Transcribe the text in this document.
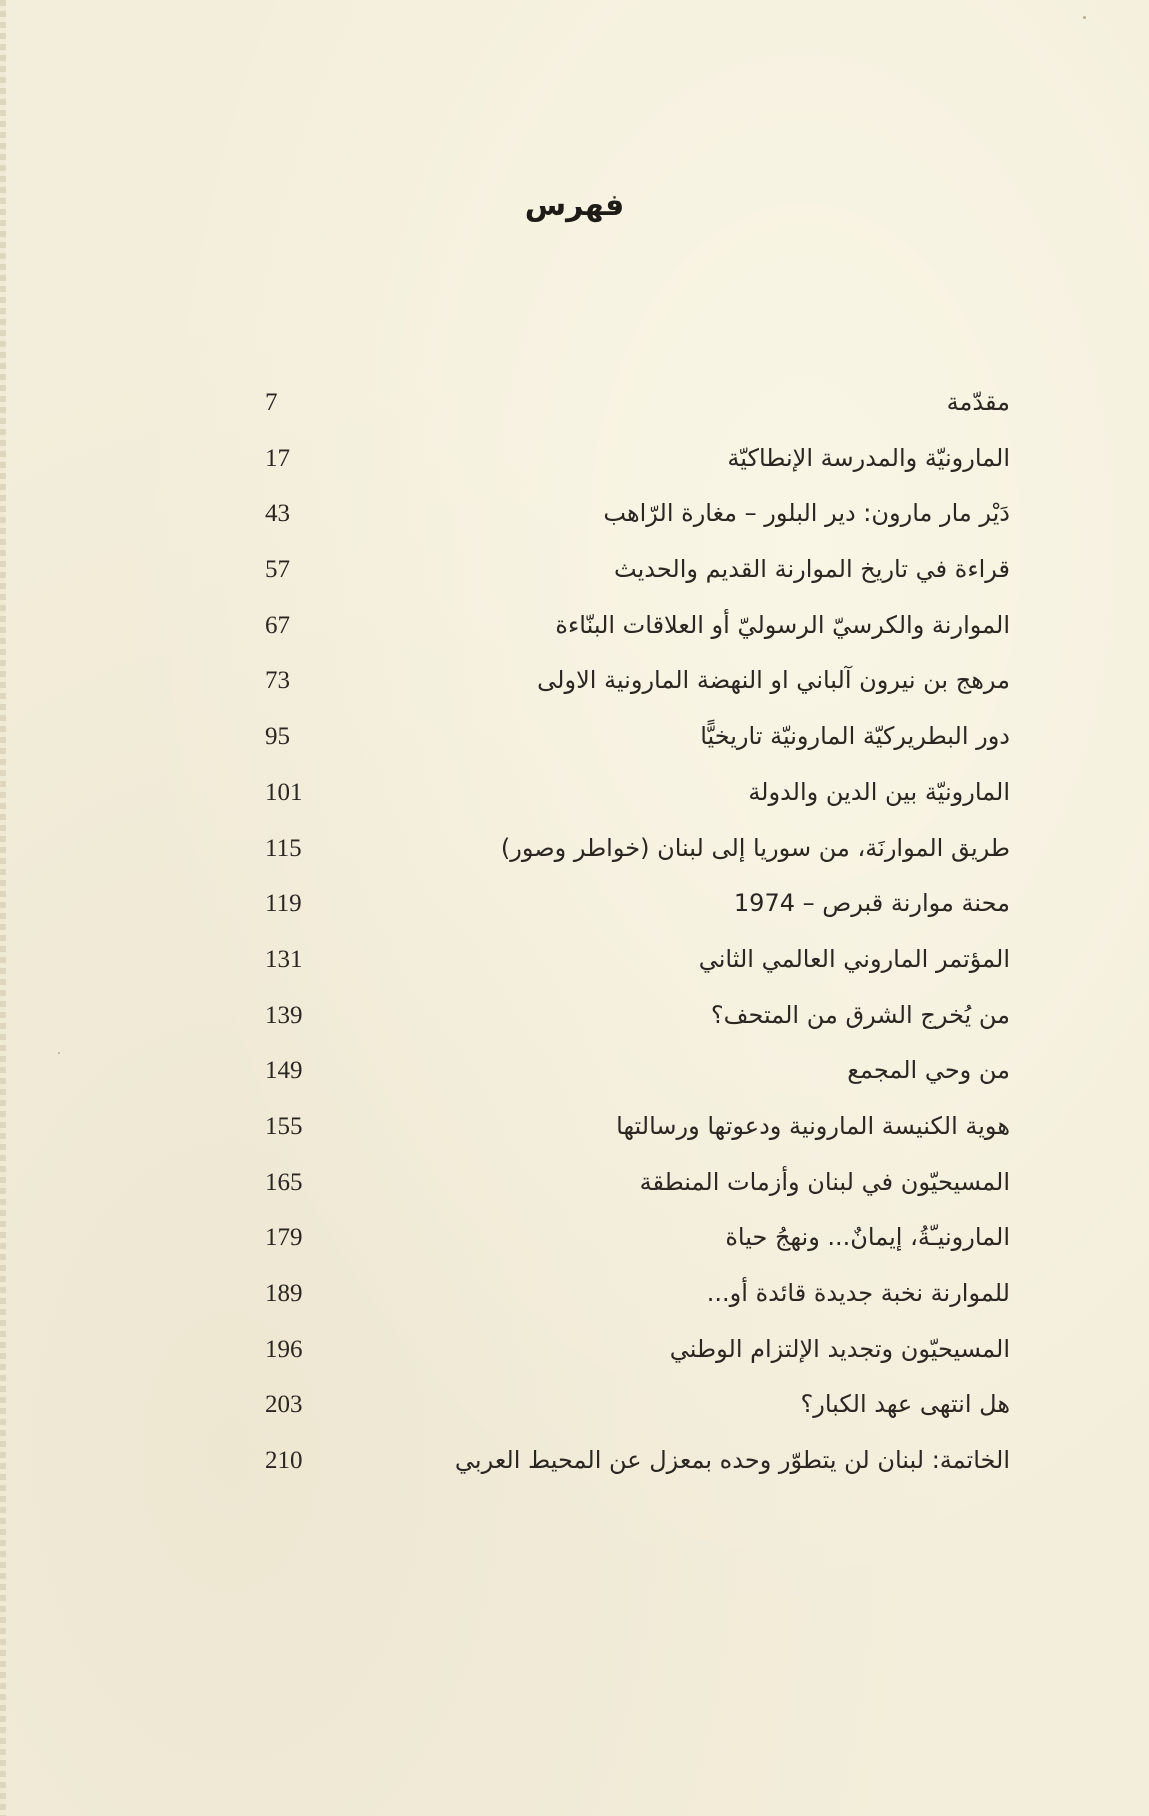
فهرس
مقدّمة
7
المارونيّة والمدرسة الإنطاكيّة
17
دَيْر مار مارون: دير البلور – مغارة الرّاهب
43
قراءة في تاريخ الموارنة القديم والحديث
57
الموارنة والكرسيّ الرسوليّ أو العلاقات البنّاءة
67
مرهج بن نيرون آلباني او النهضة المارونية الاولى
73
دور البطريركيّة المارونيّة تاريخيًّا
95
المارونيّة بين الدين والدولة
101
طريق الموارنَة، من سوريا إلى لبنان (خواطر وصور)
115
محنة موارنة قبرص – 1974
119
المؤتمر الماروني العالمي الثاني
131
من يُخرج الشرق من المتحف؟
139
من وحي المجمع
149
هوية الكنيسة المارونية ودعوتها ورسالتها
155
المسيحيّون في لبنان وأزمات المنطقة
165
المارونيـّةُ، إيمانٌ... ونهجُ حياة
179
للموارنة نخبة جديدة قائدة أو...
189
المسيحيّون وتجديد الإلتزام الوطني
196
هل انتهى عهد الكبار؟
203
الخاتمة: لبنان لن يتطوّر وحده بمعزل عن المحيط العربي
210
